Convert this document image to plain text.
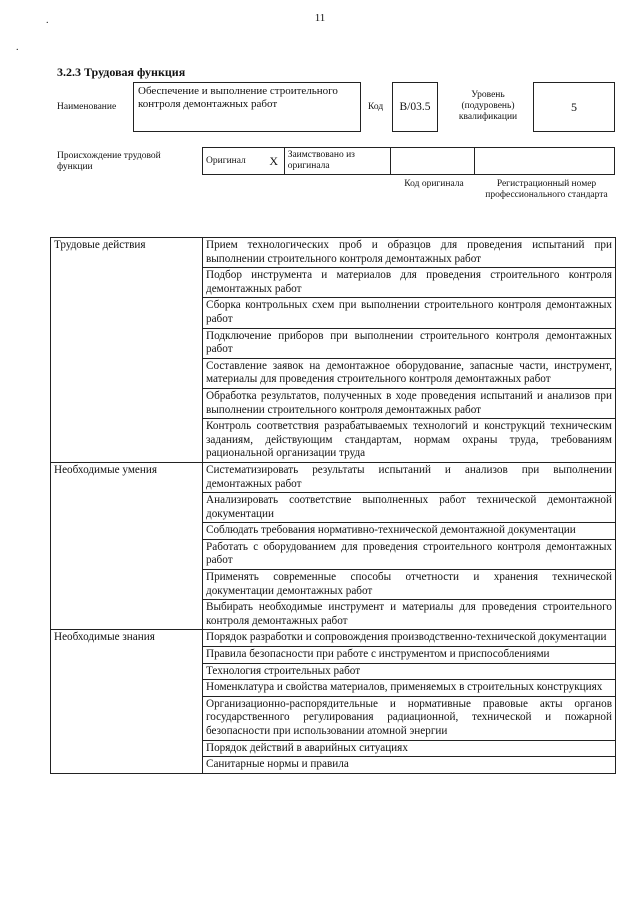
11
.
.
3.2.3 Трудовая функция
Наименование
Обеспечение и выполнение строительного контроля демонтажных работ	Код	В/03.5
Уровень (подуровень) квалификации
5
Происхождение трудовой функции
Оригинал	X	Заимствовано из оригинала		
Код оригинала	Регистрационный номер профессионального стандарта
Трудовые действия	Прием технологических проб и образцов для проведения испытаний при выполнении строительного контроля демонтажных работ
	Подбор инструмента и материалов для проведения строительного контроля демонтажных работ
	Сборка контрольных схем при выполнении строительного контроля демонтажных работ
	Подключение приборов при выполнении строительного контроля демонтажных работ
	Составление заявок на демонтажное оборудование, запасные части, инструмент, материалы для проведения строительного контроля демонтажных работ
	Обработка результатов, полученных в ходе проведения испытаний и анализов при выполнении строительного контроля демонтажных работ
	Контроль соответствия разрабатываемых технологий и конструкций техническим заданиям, действующим стандартам, нормам охраны труда, требованиям рациональной организации труда
Необходимые умения	Систематизировать результаты испытаний и анализов при выполнении демонтажных работ
	Анализировать соответствие выполненных работ технической демонтажной документации
	Соблюдать требования нормативно-технической демонтажной документации
	Работать с оборудованием для проведения строительного контроля демонтажных работ
	Применять современные способы отчетности и хранения технической документации демонтажных работ
	Выбирать необходимые инструмент и материалы для проведения строительного контроля демонтажных работ
Необходимые знания	Порядок разработки и сопровождения производственно-технической документации
	Правила безопасности при работе с инструментом и приспособлениями
	Технология строительных работ
	Номенклатура и свойства материалов, применяемых в строительных конструкциях
	Организационно-распорядительные и нормативные правовые акты органов государственного регулирования радиационной, технической и пожарной безопасности при использовании атомной энергии
	Порядок действий в аварийных ситуациях
	Санитарные нормы и правила
